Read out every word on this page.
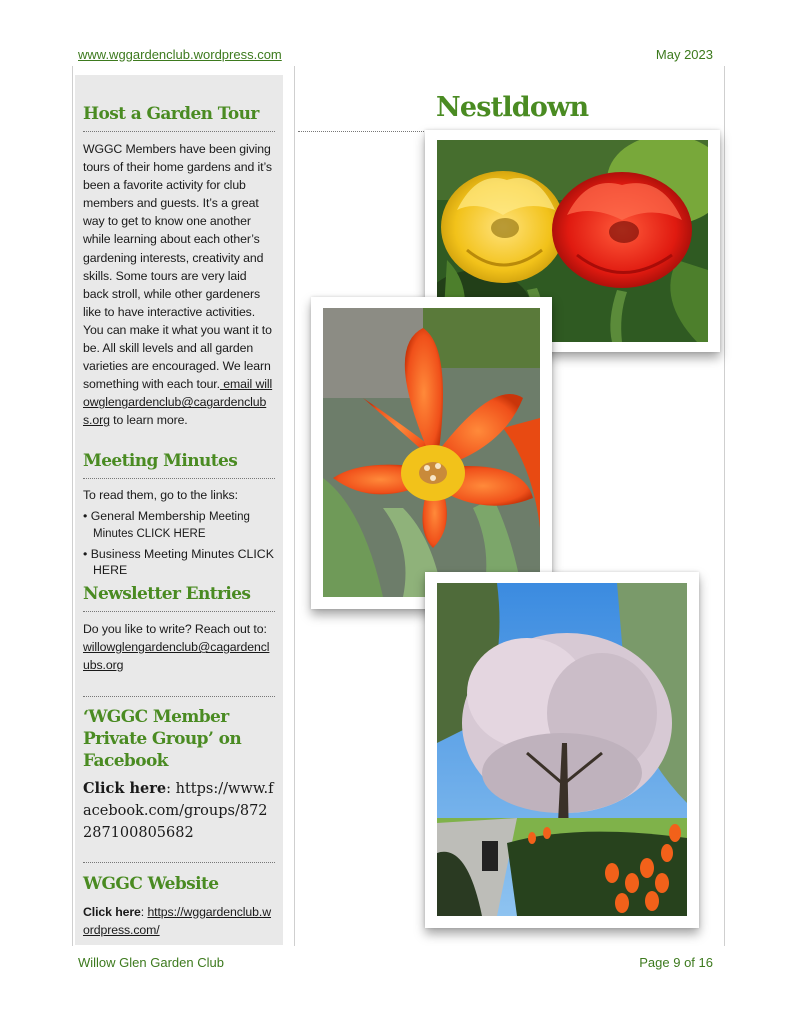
www.wggardenclub.wordpress.com	May 2023
Willow Glen Garden Club	Page 9 of 16
Host a Garden Tour

WGGC Members have been giving tours of their home gardens and it’s been a favorite activity for club members and guests. It’s a great way to get to know one another while learning about each other’s gardening interests, creativity and skills. Some tours are very laid back stroll, while other gardeners like to have interactive activities. You can make it what you want it to be. All skill levels and all garden varieties are encouraged. We learn something with each tour. email willowglengardenclub@cagardenclubs.org to learn more.

Meeting Minutes

To read them, go to the links:

• General Membership Meeting Minutes CLICK HERE
• Business Meeting Minutes CLICK HERE
Newsletter Entries

Do you like to write? Reach out to:

willowglengardenclub@cagardenclubs.org
‘WGGC Member Private Group’ on Facebook

Click here: https://www.facebook.com/groups/872287100805682

WGGC Website

Click here: https://wggardenclub.wordpress.com/

Nestldown
